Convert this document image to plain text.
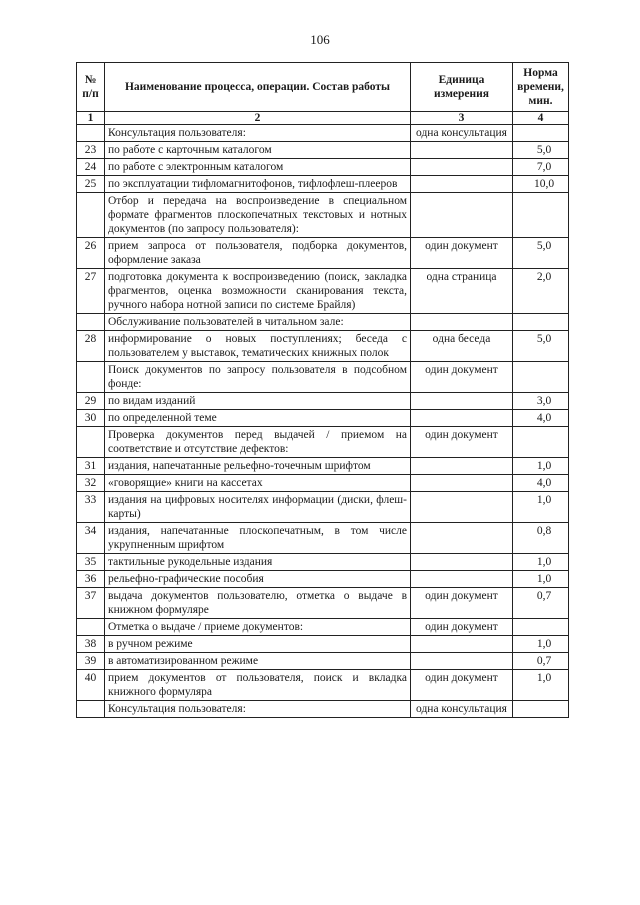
106
№ п/п	Наименование процесса, операции. Состав работы	Единица измерения	Норма времени, мин.
1	2	3	4
	Консультация пользователя:	одна консультация	
23	по работе с карточным каталогом		5,0
24	по работе с электронным каталогом		7,0
25	по эксплуатации тифломагнитофонов, тифлофлеш-плееров		10,0
	Отбор и передача на воспроизведение в специальном формате фрагментов плоскопечатных текстовых и нотных документов (по запросу пользователя):		
26	прием запроса от пользователя, подборка документов, оформление заказа	один документ	5,0
27	подготовка документа к воспроизведению (поиск, закладка фрагментов, оценка возможности сканирования текста, ручного набора нотной записи по системе Брайля)	одна страница	2,0
	Обслуживание пользователей в читальном зале:		
28	информирование о новых поступлениях; беседа с пользователем у выставок, тематических книжных полок	одна беседа	5,0
	Поиск документов по запросу пользователя в подсобном фонде:	один документ	
29	по видам изданий		3,0
30	по определенной теме		4,0
	Проверка документов перед выдачей / приемом на соответствие и отсутствие дефектов:	один документ	
31	издания, напечатанные рельефно-точечным шрифтом		1,0
32	«говорящие» книги на кассетах		4,0
33	издания на цифровых носителях информации (диски, флеш-карты)		1,0
34	издания, напечатанные плоскопечатным, в том числе укрупненным шрифтом		0,8
35	тактильные рукодельные издания		1,0
36	рельефно-графические пособия		1,0
37	выдача документов пользователю, отметка о выдаче в книжном формуляре	один документ	0,7
	Отметка о выдаче / приеме документов:	один документ	
38	в ручном режиме		1,0
39	в автоматизированном режиме		0,7
40	прием документов от пользователя, поиск и вкладка книжного формуляра	один документ	1,0
	Консультация пользователя:	одна консультация	
